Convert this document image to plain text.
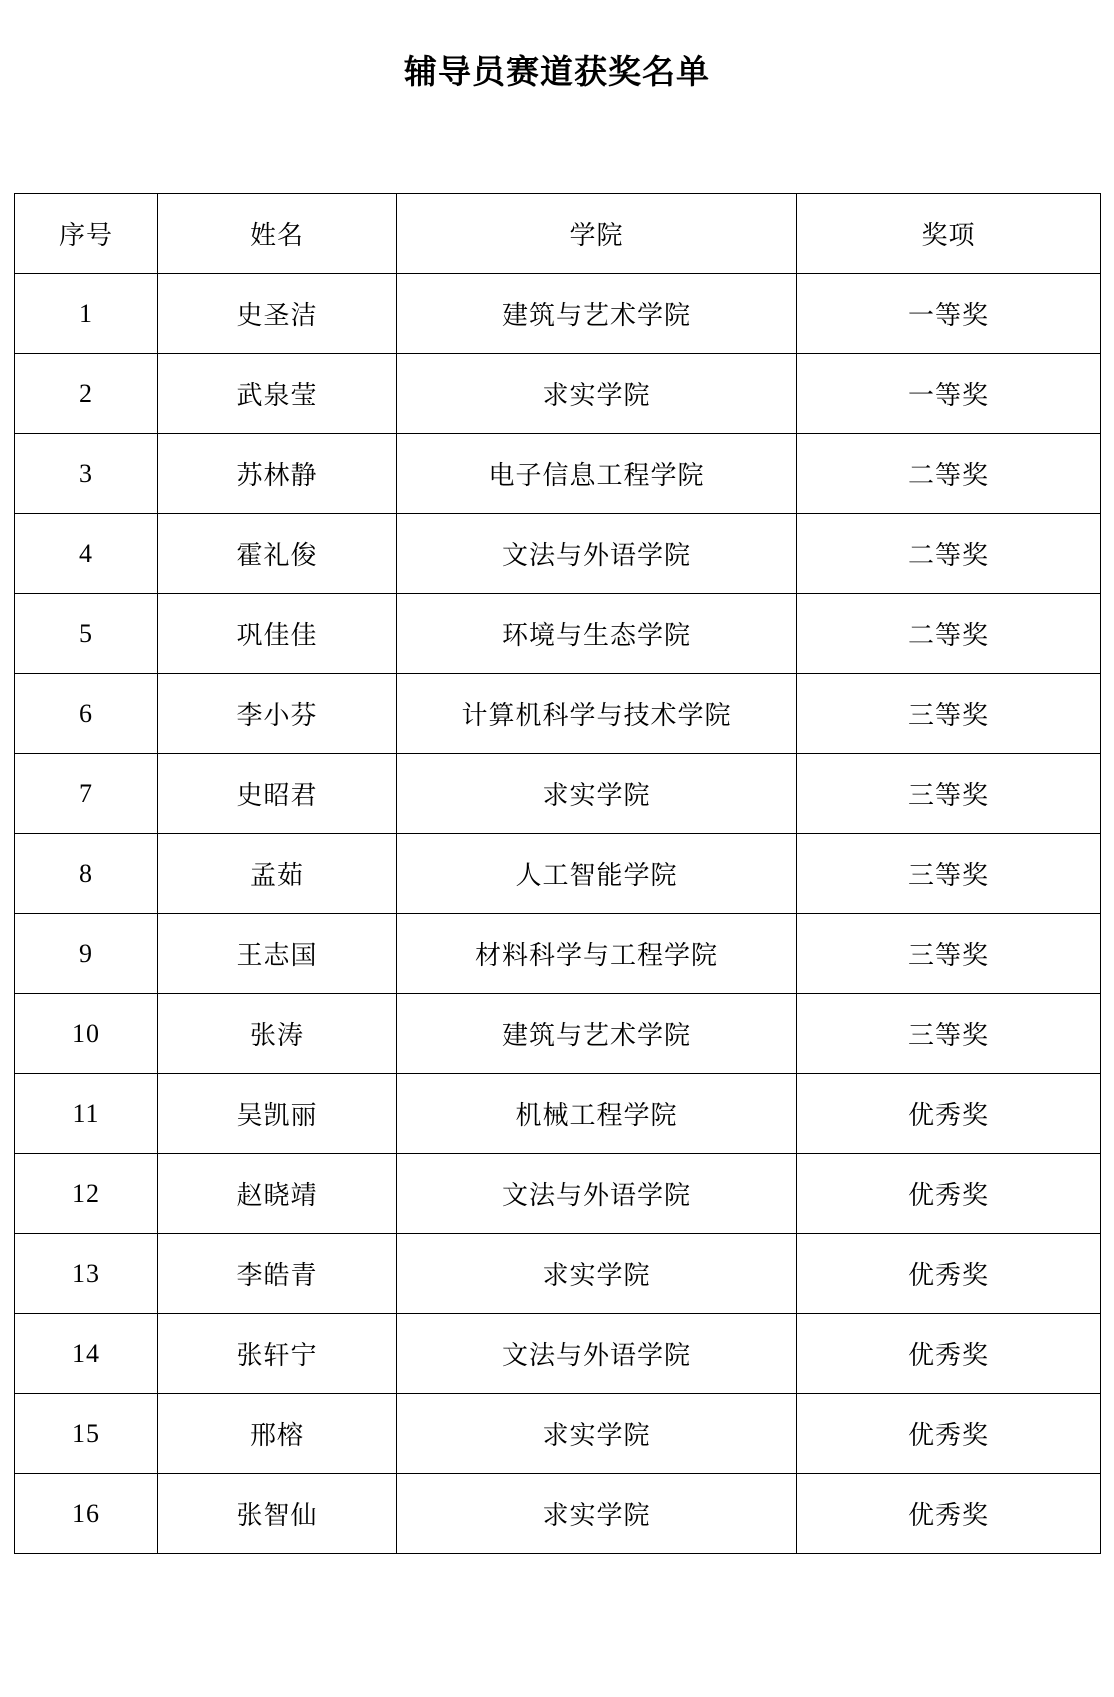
辅导员赛道获奖名单
序号	姓名	学院	奖项
1	史圣洁	建筑与艺术学院	一等奖
2	武泉莹	求实学院	一等奖
3	苏林静	电子信息工程学院	二等奖
4	霍礼俊	文法与外语学院	二等奖
5	巩佳佳	环境与生态学院	二等奖
6	李小芬	计算机科学与技术学院	三等奖
7	史昭君	求实学院	三等奖
8	孟茹	人工智能学院	三等奖
9	王志国	材料科学与工程学院	三等奖
10	张涛	建筑与艺术学院	三等奖
11	吴凯丽	机械工程学院	优秀奖
12	赵晓靖	文法与外语学院	优秀奖
13	李皓青	求实学院	优秀奖
14	张轩宁	文法与外语学院	优秀奖
15	邢榕	求实学院	优秀奖
16	张智仙	求实学院	优秀奖
